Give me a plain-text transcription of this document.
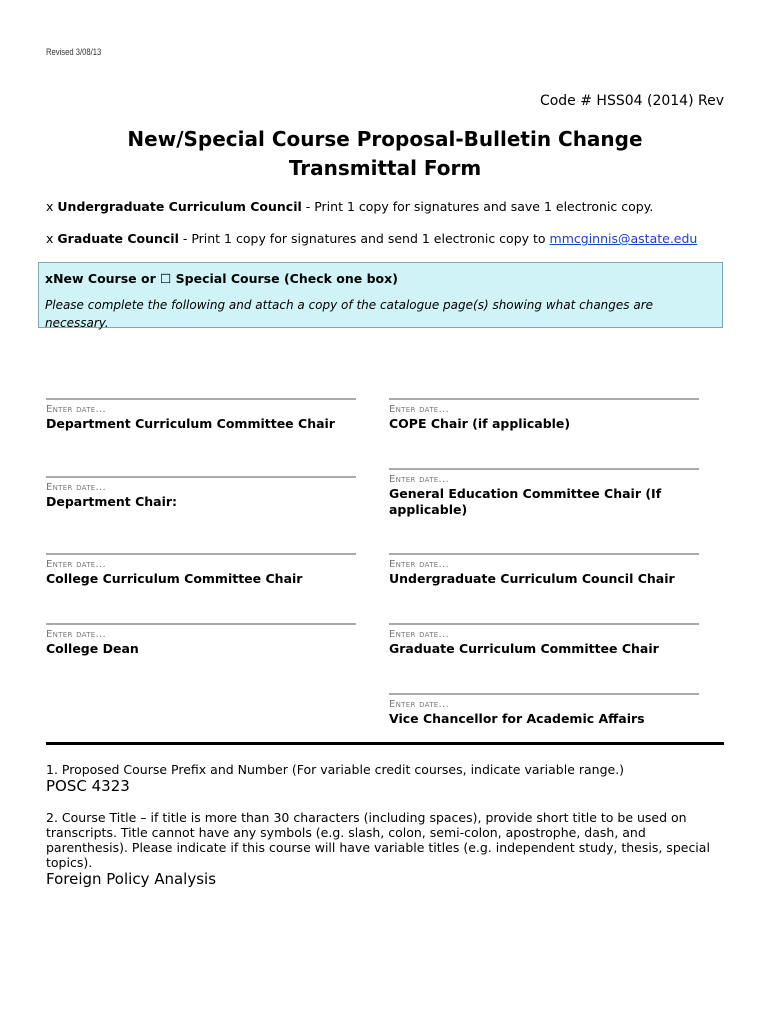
Revised 3/08/13
Code # HSS04 (2014) Rev
New/Special Course Proposal-Bulletin Change
Transmittal Form
x Undergraduate Curriculum Council - Print 1 copy for signatures and save 1 electronic copy.
x Graduate Council - Print 1 copy for signatures and send 1 electronic copy to mmcginnis@astate.edu
xNew Course or ☐ Special Course (Check one box)
Please complete the following and attach a copy of the catalogue page(s) showing what changes are necessary.
Enter date...
Department Curriculum Committee Chair
Enter date...
Department Chair:
Enter date...
College Curriculum Committee Chair
Enter date...
College Dean
Enter date...
COPE Chair (if applicable)
Enter date...
General Education Committee Chair (If applicable)
Enter date...
Undergraduate Curriculum Council Chair
Enter date...
Graduate Curriculum Committee Chair
Enter date...
Vice Chancellor for Academic Affairs
1. Proposed Course Prefix and Number (For variable credit courses, indicate variable range.)
POSC 4323
2. Course Title – if title is more than 30 characters (including spaces), provide short title to be used on transcripts. Title cannot have any symbols (e.g. slash, colon, semi-colon, apostrophe, dash, and parenthesis). Please indicate if this course will have variable titles (e.g. independent study, thesis, special topics).
Foreign Policy Analysis
